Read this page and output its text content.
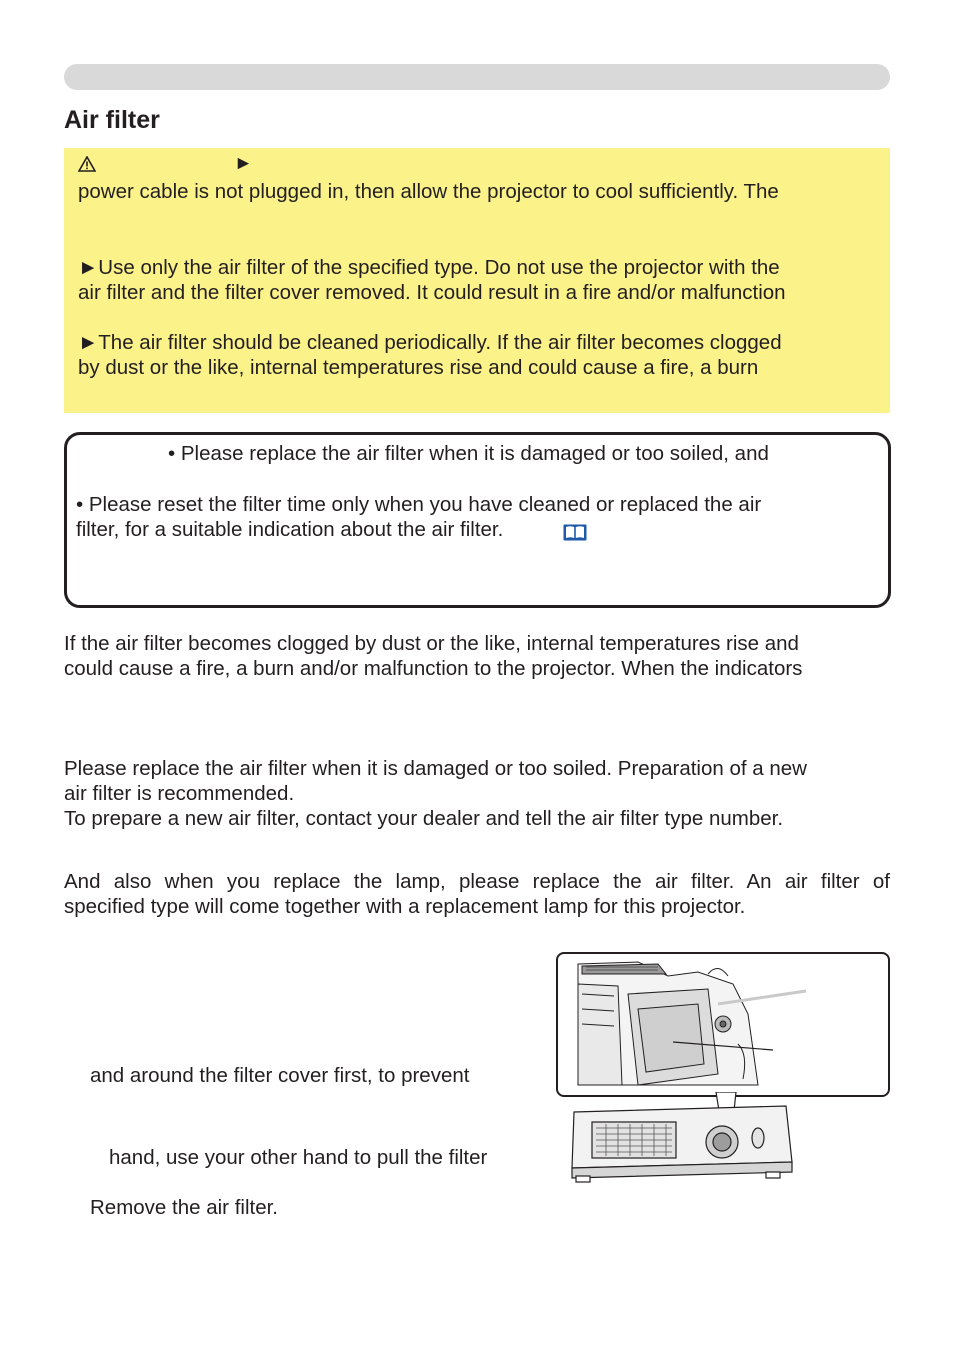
Air filter
►
power cable is not plugged in, then allow the projector to cool sufficiently. The
►Use only the air filter of the specified type. Do not use the projector with the
air filter and the filter cover removed. It could result in a fire and/or malfunction
►The air filter should be cleaned periodically. If the air filter becomes clogged
by dust or the like, internal temperatures rise and could cause a fire, a burn
• Please replace the air filter when it is damaged or too soiled, and
• Please reset the filter time only when you have cleaned or replaced the air
filter, for a suitable indication about the air filter.
If the air filter becomes clogged by dust or the like, internal temperatures rise and
could cause a fire, a burn and/or malfunction to the projector. When the indicators
Please replace the air filter when it is damaged or too soiled. Preparation of a new
air filter is recommended.
To prepare a new air filter, contact your dealer and tell the air filter type number.
And also when you replace the lamp, please replace the air filter. An air filter of
specified type will come together with a replacement lamp for this projector.
and around the filter cover first, to prevent
hand, use your other hand to pull the filter
Remove the air filter.
